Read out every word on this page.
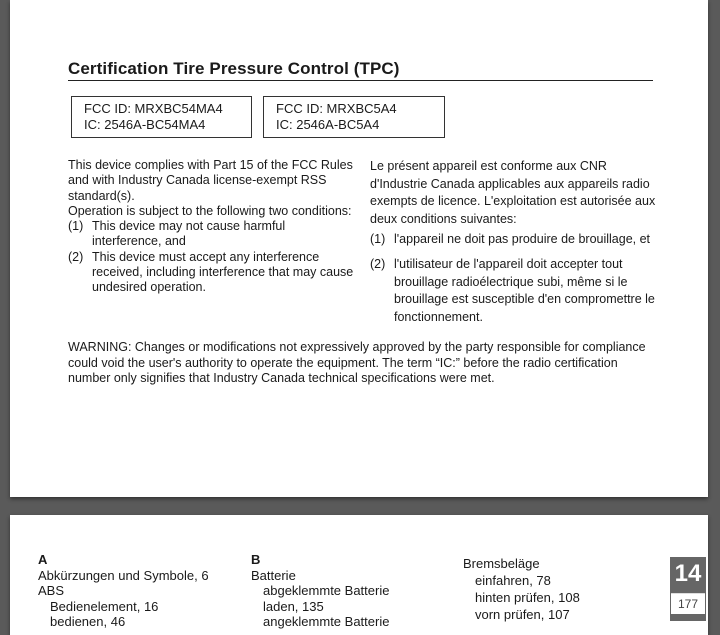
Certification Tire Pressure Control (TPC)
FCC ID: MRXBC54MA4
IC: 2546A-BC54MA4
FCC ID: MRXBC5A4
IC: 2546A-BC5A4
This device complies with Part 15 of the FCC Rules and with Industry Canada license-exempt RSS standard(s).
Operation is subject to the following two conditions:
(1) This device may not cause harmful interference, and
(2) This device must accept any interference received, including interference that may cause undesired operation.
Le présent appareil est conforme aux CNR d'Industrie Canada applicables aux appareils radio exempts de licence. L'exploitation est autorisée aux deux conditions suivantes:
(1) l'appareil ne doit pas produire de brouillage, et
(2) l'utilisateur de l'appareil doit accepter tout brouillage radioélectrique subi, même si le brouillage est susceptible d'en compromettre le fonctionnement.
WARNING: Changes or modifications not expressively approved by the party responsible for compliance could void the user's authority to operate the equipment. The term “IC:” before the radio certification number only signifies that Industry Canada technical specifications were met.
A
Abkürzungen und Symbole, 6
ABS
Bedienelement, 16
bedienen, 46
B
Batterie
abgeklemmte Batterie
laden, 135
angeklemmte Batterie
Bremsbeläge
einfahren, 78
hinten prüfen, 108
vorn prüfen, 107
14
177
